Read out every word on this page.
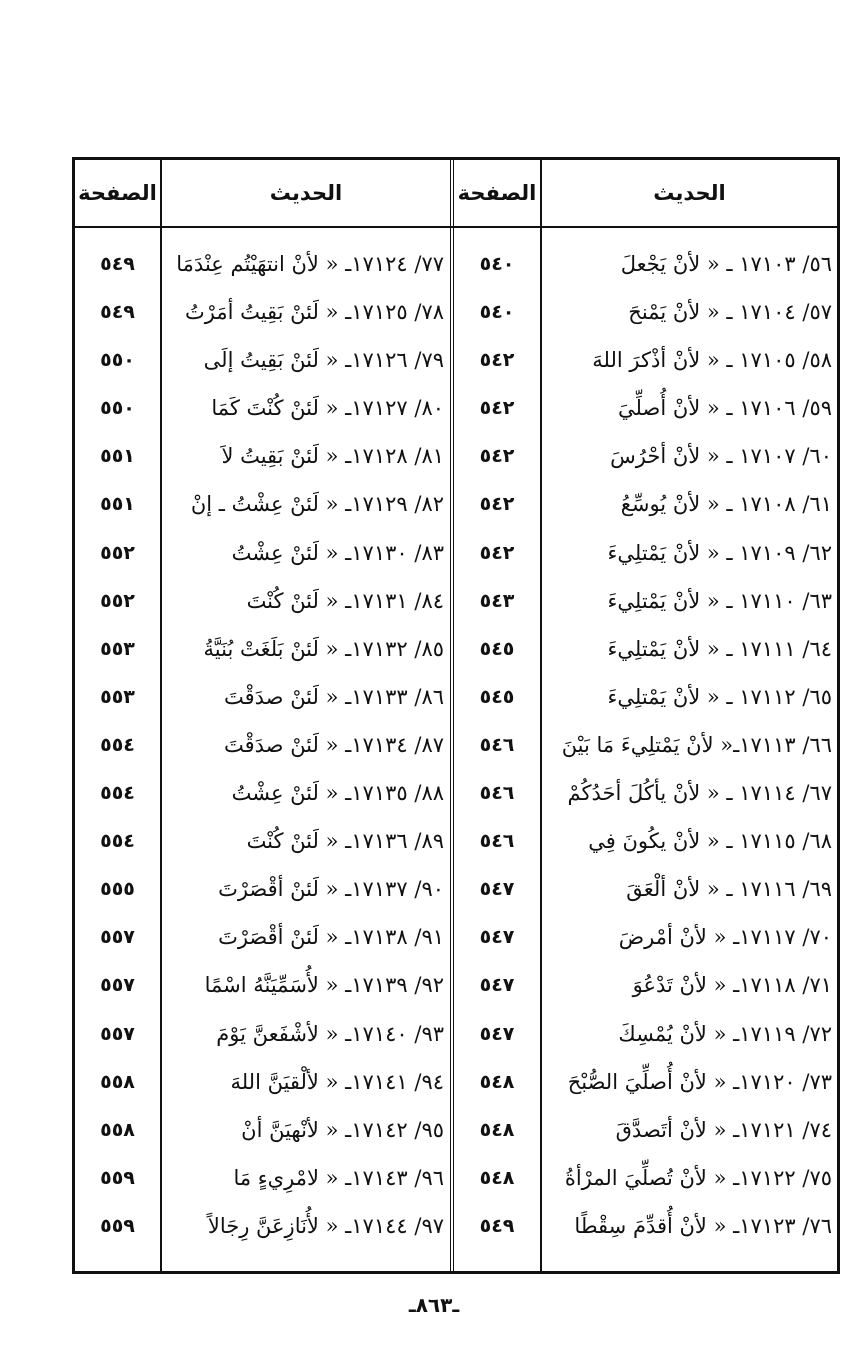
الصفحة	الحديث	الصفحة	الحديث
٥٤٩	٧٧/ ١٧١٢٤ـ « لأنْ انتهَيْتُم عِنْدَمَا	٥٤٠	٥٦/ ١٧١٠٣ ـ « لأنْ يَجْعلَ
٥٤٩	٧٨/ ١٧١٢٥ـ « لَئنْ بَقِيتُ أمَرْتُ	٥٤٠	٥٧/ ١٧١٠٤ ـ « لأنْ يَمْنحَ
٥٥٠	٧٩/ ١٧١٢٦ـ « لَئنْ بَقِيتُ إلَى	٥٤٢	٥٨/ ١٧١٠٥ ـ « لأنْ أذْكرَ اللهَ
٥٥٠	٨٠/ ١٧١٢٧ـ « لَئنْ كُنْتَ كَمَا	٥٤٢	٥٩/ ١٧١٠٦ ـ « لأنْ أُصلِّيَ
٥٥١	٨١/ ١٧١٢٨ـ « لَئنْ بَقِيتُ لاَ	٥٤٢	٦٠/ ١٧١٠٧ ـ « لأنْ أحْرُسَ
٥٥١	٨٢/ ١٧١٢٩ـ « لَئنْ عِشْتُ ـ إنْ	٥٤٢	٦١/ ١٧١٠٨ ـ « لأنْ يُوسِّعُ
٥٥٢	٨٣/ ١٧١٣٠ـ « لَئنْ عِشْتُ	٥٤٢	٦٢/ ١٧١٠٩ ـ « لأنْ يَمْتلِيءَ
٥٥٢	٨٤/ ١٧١٣١ـ « لَئنْ كُنْتَ	٥٤٣	٦٣/ ١٧١١٠ ـ « لأنْ يَمْتلِيءَ
٥٥٣	٨٥/ ١٧١٣٢ـ « لَئنْ بَلَغَتْ بُنَيَّةُ	٥٤٥	٦٤/ ١٧١١١ ـ « لأنْ يَمْتلِيءَ
٥٥٣	٨٦/ ١٧١٣٣ـ « لَئنْ صدَقْتَ	٥٤٥	٦٥/ ١٧١١٢ ـ « لأنْ يَمْتلِيءَ
٥٥٤	٨٧/ ١٧١٣٤ـ « لَئنْ صدَقْتَ	٥٤٦	٦٦/ ١٧١١٣ـ« لأنْ يَمْتلِيءَ مَا بَيْنَ
٥٥٤	٨٨/ ١٧١٣٥ـ « لَئنْ عِشْتُ	٥٤٦	٦٧/ ١٧١١٤ ـ « لأنْ يأكُلَ أحَدُكُمْ
٥٥٤	٨٩/ ١٧١٣٦ـ « لَئنْ كُنْتَ	٥٤٦	٦٨/ ١٧١١٥ ـ « لأنْ يكُونَ فِي
٥٥٥	٩٠/ ١٧١٣٧ـ « لَئنْ أقْصَرْتَ	٥٤٧	٦٩/ ١٧١١٦ ـ « لأنْ ألْعَقَ
٥٥٧	٩١/ ١٧١٣٨ـ « لَئنْ أقْصَرْتَ	٥٤٧	٧٠/ ١٧١١٧ـ « لأنْ أمْرضَ
٥٥٧	٩٢/ ١٧١٣٩ـ « لأُسَمِّيَنَّهُ اسْمًا	٥٤٧	٧١/ ١٧١١٨ـ « لأنْ تَدْعُوَ
٥٥٧	٩٣/ ١٧١٤٠ـ « لأشْفَعنَّ يَوْمَ	٥٤٧	٧٢/ ١٧١١٩ـ « لأنْ يُمْسِكَ
٥٥٨	٩٤/ ١٧١٤١ـ « لألْقيَنَّ اللهَ	٥٤٨	٧٣/ ١٧١٢٠ـ « لأنْ أُصلِّيَ الصُّبْحَ
٥٥٨	٩٥/ ١٧١٤٢ـ « لأنْهيَنَّ أنْ	٥٤٨	٧٤/ ١٧١٢١ـ « لأنْ أتَصدَّقَ
٥٥٩	٩٦/ ١٧١٤٣ـ « لامْرِيءٍ مَا	٥٤٨	٧٥/ ١٧١٢٢ـ « لأنْ تُصلِّيَ المرْأةُ
٥٥٩	٩٧/ ١٧١٤٤ـ « لأُنَازِعَنَّ رِجَالاً	٥٤٩	٧٦/ ١٧١٢٣ـ « لأنْ أُقدِّمَ سِقْطًا
ـ٨٦٣ـ
